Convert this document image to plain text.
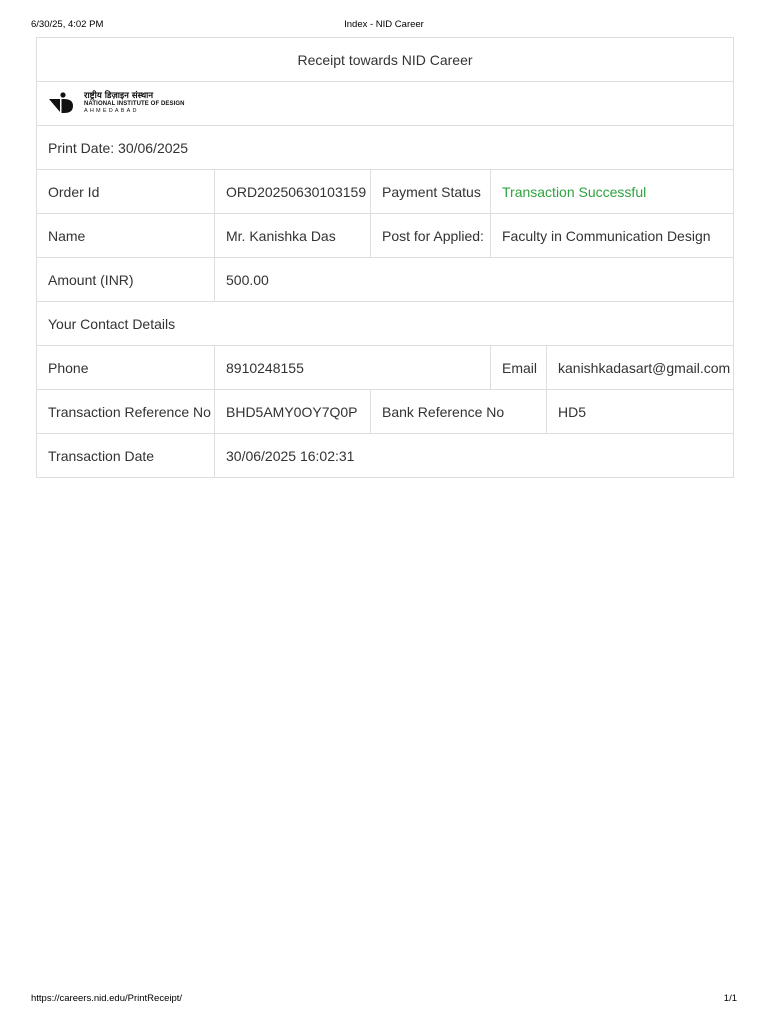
6/30/25, 4:02 PM	Index - NID Career
Receipt towards NID Career				

राष्ट्रीय डिज़ाइन संस्थान
NATIONAL INSTITUTE OF DESIGN
AHMEDABAD				

Print Date: 30/06/2025				
Order Id	ORD20250630103159	Payment Status	Transaction Successful	
Name	Mr. Kanishka Das	Post for Applied:	Faculty in Communication Design	
Amount (INR)	500.00			
Your Contact Details				
Phone	8910248155		Email	kanishkadasart@gmail.com
Transaction Reference No	BHD5AMY0OY7Q0P	Bank Reference No		HD5
Transaction Date	30/06/2025 16:02:31			
https://careers.nid.edu/PrintReceipt/	1/1
